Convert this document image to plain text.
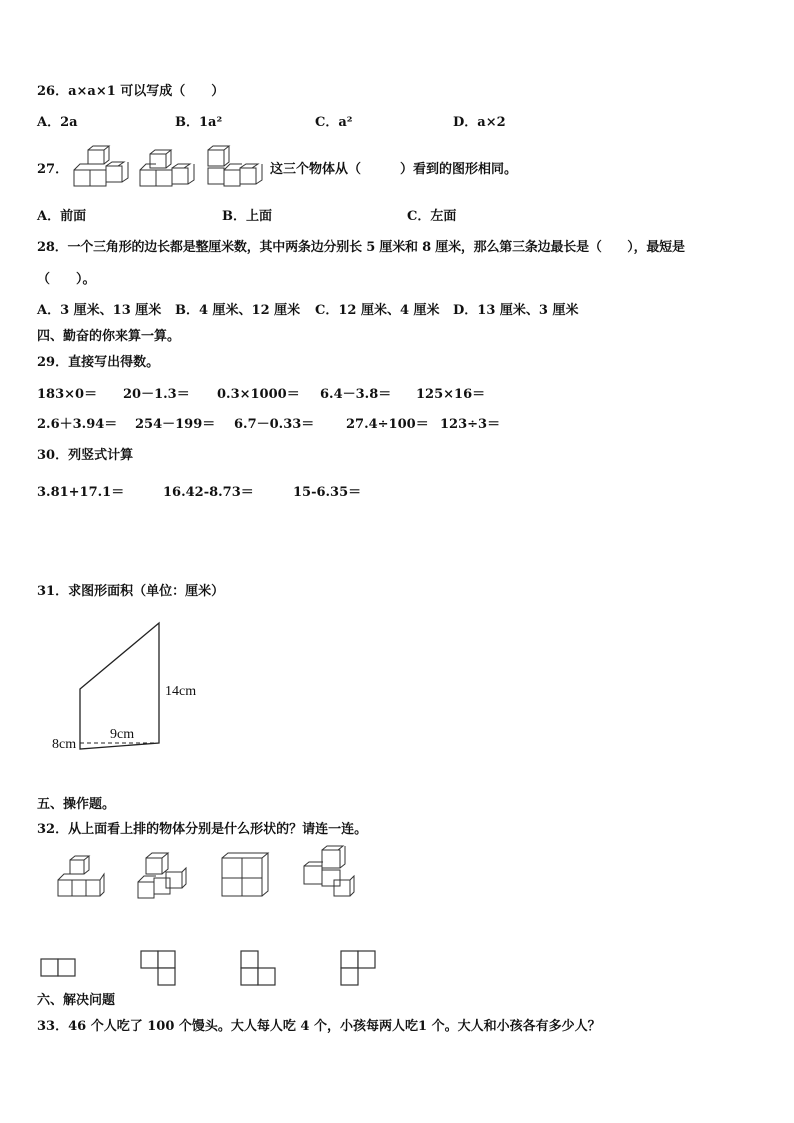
26．a×a×1 可以写成（　　）
A．2a	B．1a²	C．a²	D．a×2
27．	这三个物体从（　　　）看到的图形相同。
A．前面	B．上面	C．左面
28．一个三角形的边长都是整厘米数，其中两条边分别长 5 厘米和 8 厘米，那么第三条边最长是（　　），最短是
（　　）。
A．3 厘米、13 厘米 B．4 厘米、12 厘米 C．12 厘米、4 厘米 D．13 厘米、3 厘米
四、勤奋的你来算一算。
29．直接写出得数。
183×0＝ 20－1.3＝ 0.3×1000＝ 6.4－3.8＝ 125×16＝
2.6＋3.94＝ 254－199＝ 6.7－0.33＝ 27.4÷100＝ 123÷3＝
30．列竖式计算
3.81+17.1＝	16.42-8.73＝	15-6.35＝
31．求图形面积（单位：厘米）
14cm
9cm
8cm
五、操作题。
32．从上面看上排的物体分别是什么形状的？请连一连。
六、解决问题
33．46 个人吃了 100 个馒头。大人每人吃 4 个，小孩每两人吃1 个。大人和小孩各有多少人？
